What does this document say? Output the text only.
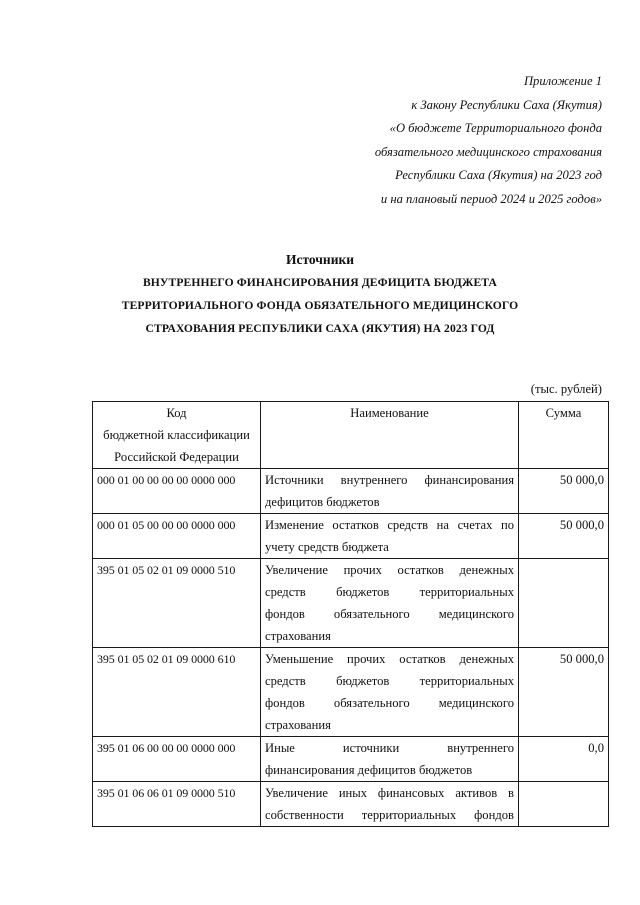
Приложение 1
к Закону Республики Саха (Якутия)
«О бюджете Территориального фонда
обязательного медицинского страхования
Республики Саха (Якутия) на 2023 год
и на плановый период 2024 и 2025 годов»
Источники
ВНУТРЕННЕГО ФИНАНСИРОВАНИЯ ДЕФИЦИТА БЮДЖЕТА
ТЕРРИТОРИАЛЬНОГО ФОНДА ОБЯЗАТЕЛЬНОГО МЕДИЦИНСКОГО
СТРАХОВАНИЯ РЕСПУБЛИКИ САХА (ЯКУТИЯ) НА 2023 ГОД
(тыс. рублей)
Код
бюджетной классификации
Российской Федерации	Наименование	Сумма
000 01 00 00 00 00 0000 000	Источники внутреннего финансирования
дефицитов бюджетов	50 000,0
000 01 05 00 00 00 0000 000	Изменение остатков средств на счетах по
учету средств бюджета	50 000,0
395 01 05 02 01 09 0000 510	Увеличение прочих остатков денежных
средств бюджетов территориальных
фондов обязательного медицинского
страхования	

395 01 05 02 01 09 0000 610	Уменьшение прочих остатков денежных
средств бюджетов территориальных
фондов обязательного медицинского
страхования	50 000,0
395 01 06 00 00 00 0000 000	Иные источники внутреннего
финансирования дефицитов бюджетов	0,0
395 01 06 06 01 09 0000 510	Увеличение иных финансовых активов в
собственности территориальных фондов	
